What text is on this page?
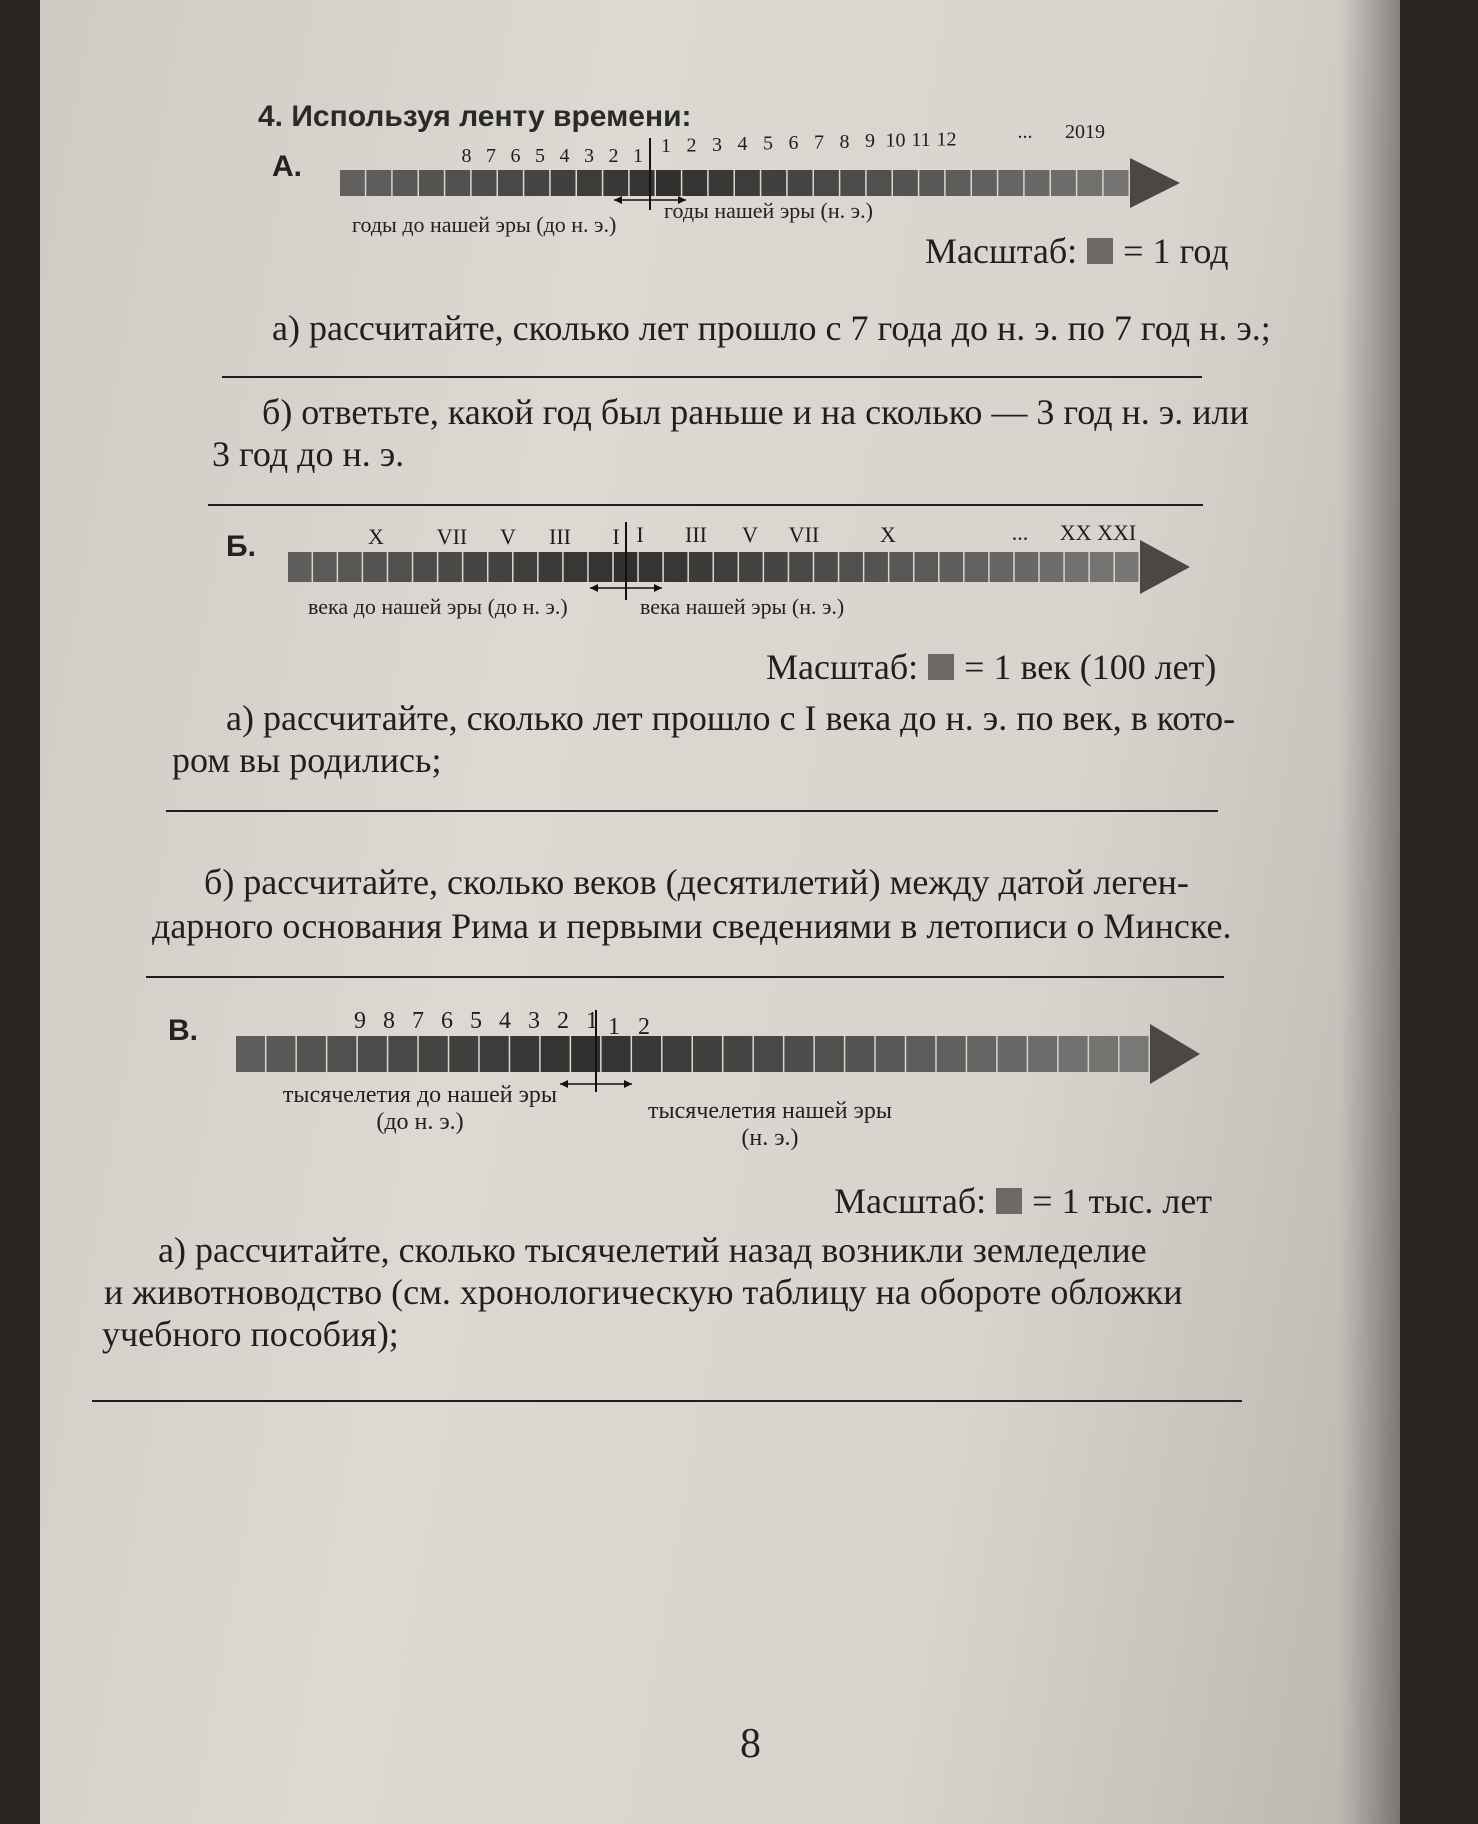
4. Используя ленту времени:
А.	8 7 6 5 4 3 2 1 1 2 3 4 5 6 7 8 9 10 11 12	... 2019
годы до нашей эры (до н. э.)
годы нашей эры (н. э.)
Масштаб: = 1 год
а) рассчитайте, сколько лет прошло с 7 года до н. э. по 7 год н. э.;
б) ответьте, какой год был раньше и на сколько — 3 год н. э. или
3 год до н. э.
Б.	X VII V III I I III V VII	X	... XX XXI
века до нашей эры (до н. э.)	века нашей эры (н. э.)
Масштаб: = 1 век (100 лет)
а) рассчитайте, сколько лет прошло с I века до н. э. по век, в кото-
ром вы родились;
б) рассчитайте, сколько веков (десятилетий) между датой леген-
дарного основания Рима и первыми сведениями в летописи о Минске.
В.	9 8 7 6 5 4 3 2 1 1 2
тысячелетия до нашей эры
(до н. э.)	тысячелетия нашей эры
(н. э.)
Масштаб: = 1 тыс. лет
а) рассчитайте, сколько тысячелетий назад возникли земледелие
и животноводство (см. хронологическую таблицу на обороте обложки
учебного пособия);
8
